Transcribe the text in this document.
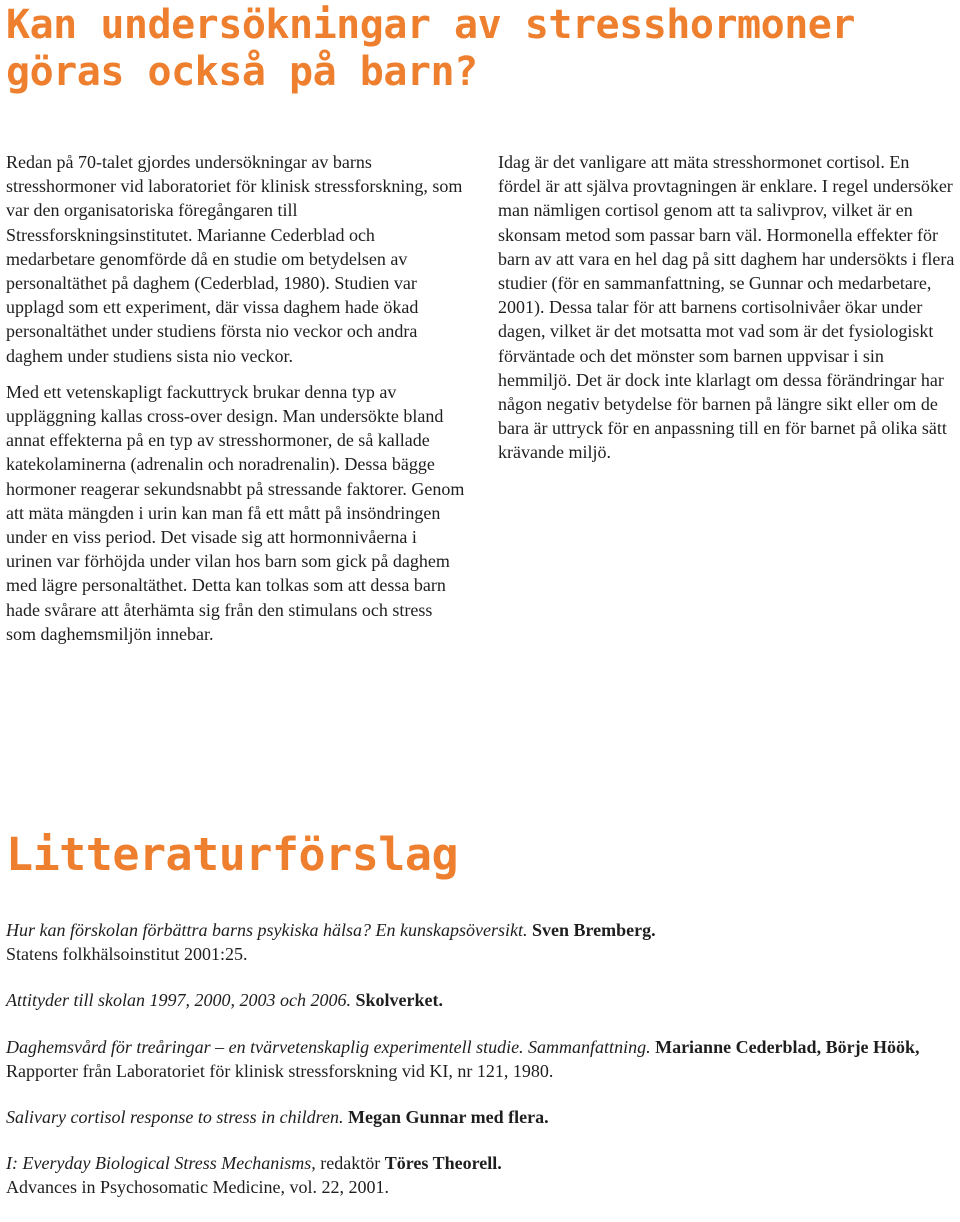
Kan undersökningar av stresshormoner göras också på barn?

Redan på 70-talet gjordes undersökningar av barns stresshormoner vid laboratoriet för klinisk stressforskning, som var den organisatoriska föregångaren till Stressforskningsinstitutet. Marianne Cederblad och medarbetare genomförde då en studie om betydelsen av personaltäthet på daghem (Cederblad, 1980). Studien var upplagd som ett experiment, där vissa daghem hade ökad personaltäthet under studiens första nio veckor och andra daghem under studiens sista nio veckor.

Med ett vetenskapligt fackuttryck brukar denna typ av uppläggning kallas cross-over design. Man undersökte bland annat effekterna på en typ av stresshormoner, de så kallade katekolaminerna (adrenalin och noradrenalin). Dessa bägge hormoner reagerar sekundsnabbt på stressande faktorer. Genom att mäta mängden i urin kan man få ett mått på insöndringen under en viss period. Det visade sig att hormonnivåerna i urinen var förhöjda under vilan hos barn som gick på daghem med lägre personaltäthet. Detta kan tolkas som att dessa barn hade svårare att återhämta sig från den stimulans och stress som daghemsmiljön innebar.

Idag är det vanligare att mäta stresshormonet cortisol. En fördel är att själva provtagningen är enklare. I regel undersöker man nämligen cortisol genom att ta salivprov, vilket är en skonsam metod som passar barn väl. Hormonella effekter för barn av att vara en hel dag på sitt daghem har undersökts i flera studier (för en sammanfattning, se Gunnar och medarbetare, 2001). Dessa talar för att barnens cortisolnivåer ökar under dagen, vilket är det motsatta mot vad som är det fysiologiskt förväntade och det mönster som barnen uppvisar i sin hemmiljö. Det är dock inte klarlagt om dessa förändringar har någon negativ betydelse för barnen på längre sikt eller om de bara är uttryck för en anpassning till en för barnet på olika sätt krävande miljö.

Litteraturförslag

Hur kan förskolan förbättra barns psykiska hälsa? En kunskapsöversikt. Sven Bremberg.
Statens folkhälsoinstitut 2001:25.

Attityder till skolan 1997, 2000, 2003 och 2006. Skolverket.

Daghemsvård för treåringar – en tvärvetenskaplig experimentell studie. Sammanfattning. Marianne Cederblad, Börje Höök, Rapporter från Laboratoriet för klinisk stressforskning vid KI, nr 121, 1980.

Salivary cortisol response to stress in children. Megan Gunnar med flera.

I: Everyday Biological Stress Mechanisms, redaktör Töres Theorell.
Advances in Psychosomatic Medicine, vol. 22, 2001.
